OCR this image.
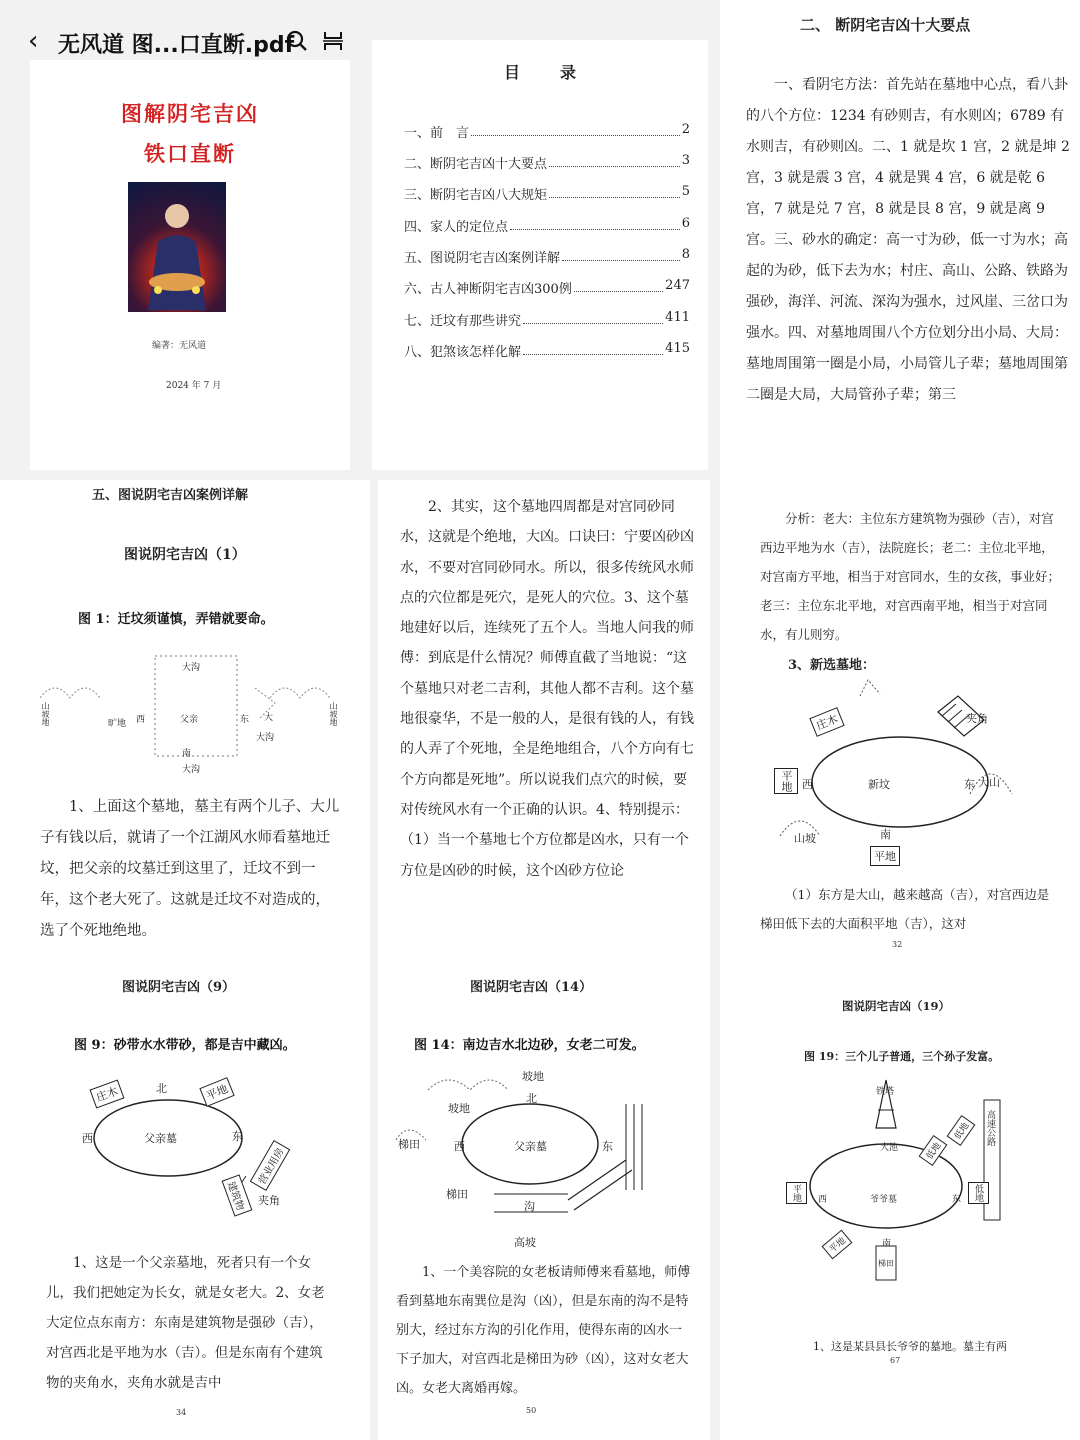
‹ 无风道 图...口直断.pdf
图解阴宅吉凶
铁口直断
编著：无风道
2024 年 7 月
目录
一、前　言	2
二、断阴宅吉凶十大要点	3
三、断阴宅吉凶八大规矩	5
四、家人的定位点	6
五、图说阴宅吉凶案例详解	8
六、古人神断阴宅吉凶300例	247
七、迁坟有那些讲究	411
八、犯煞该怎样化解	415
二、 断阴宅吉凶十大要点
一、看阴宅方法：首先站在墓地中心点，看八卦的八个方位：1234 有砂则吉，有水则凶；6789 有水则吉，有砂则凶。二、1 就是坎 1 宫，2 就是坤 2 宫，3 就是震 3 宫，4 就是巽 4 宫，6 就是乾 6 宫，7 就是兑 7 宫，8 就是艮 8 宫，9 就是离 9 宫。三、砂水的确定：高一寸为砂，低一寸为水；高起的为砂，低下去为水；村庄、高山、公路、铁路为强砂，海洋、河流、深沟为强水，过风崖、三岔口为强水。四、对墓地周围八个方位划分出小局、大局：墓地周围第一圈是小局，小局管儿子辈；墓地周围第二圈是大局，大局管孙子辈；第三
五、图说阴宅吉凶案例详解
图说阴宅吉凶（1）
图 1：迁坟须谨慎，弄错就要命。
大沟
南
大沟
西	东
父亲
旷地
大
大沟
山坡地	山坡地
1、上面这个墓地，墓主有两个儿子、大儿子有钱以后，就请了一个江湖风水师看墓地迁坟，把父亲的坟墓迁到这里了，迁坟不到一年，这个老大死了。这就是迁坟不对造成的，选了个死地绝地。
2、其实，这个墓地四周都是对宫同砂同水，这就是个绝地，大凶。口诀曰：宁要凶砂凶水，不要对宫同砂同水。所以，很多传统风水师点的穴位都是死穴，是死人的穴位。3、这个墓地建好以后，连续死了五个人。当地人问我的师傅：到底是什么情况？师傅直截了当地说：“这个墓地只对老二吉利，其他人都不吉利。这个墓地很豪华，不是一般的人，是很有钱的人，有钱的人弄了个死地，全是绝地组合，八个方向有七个方向都是死地”。所以说我们点穴的时候，要对传统风水有一个正确的认识。4、特别提示：（1）当一个墓地七个方位都是凶水，只有一个方位是凶砂的时候，这个凶砂方位论
分析：老大：主位东方建筑物为强砂（吉），对宫西边平地为水（吉），法院庭长；老二：主位北平地，对宫南方平地，相当于对宫同水，生的女孩，事业好；老三：主位东北平地，对宫西南平地，相当于对宫同水，有儿则穷。
3、新选墓地：
庄木
平地 西	新坟	东 大山
夹角
山坡	南
平地
（1）东方是大山，越来越高（吉），对宫西边是梯田低下去的大面积平地（吉），这对
32
图说阴宅吉凶（9）
图 9：砂带水水带砂，都是吉中藏凶。
庄木	北	平地
西	父亲墓	东
营业用房
建筑物	夹角
1、这是一个父亲墓地，死者只有一个女儿，我们把她定为长女，就是女老大。2、女老大定位点东南方：东南是建筑物是强砂（吉），对宫西北是平地为水（吉）。但是东南有个建筑物的夹角水，夹角水就是吉中
34
图说阴宅吉凶（14）
图 14：南边吉水北边砂，女老二可发。
坡地
北
坡地
梯田	西	父亲墓	东
梯田
沟
高坡
1、一个美容院的女老板请师傅来看墓地，师傅看到墓地东南巽位是沟（凶），但是东南的沟不是特别大，经过东方沟的引化作用，使得东南的凶水一下子加大，对宫西北是梯田为砂（凶），这对女老大凶。女老大离婚再嫁。
50
图说阴宅吉凶（19）
图 19：三个儿子普通，三个孙子发富。
铁塔
大池	低地
低地	高速公路
平地	西	爷爷墓	东	低地
南
平地
梯田
1、这是某县县长爷爷的墓地。墓主有两
67
